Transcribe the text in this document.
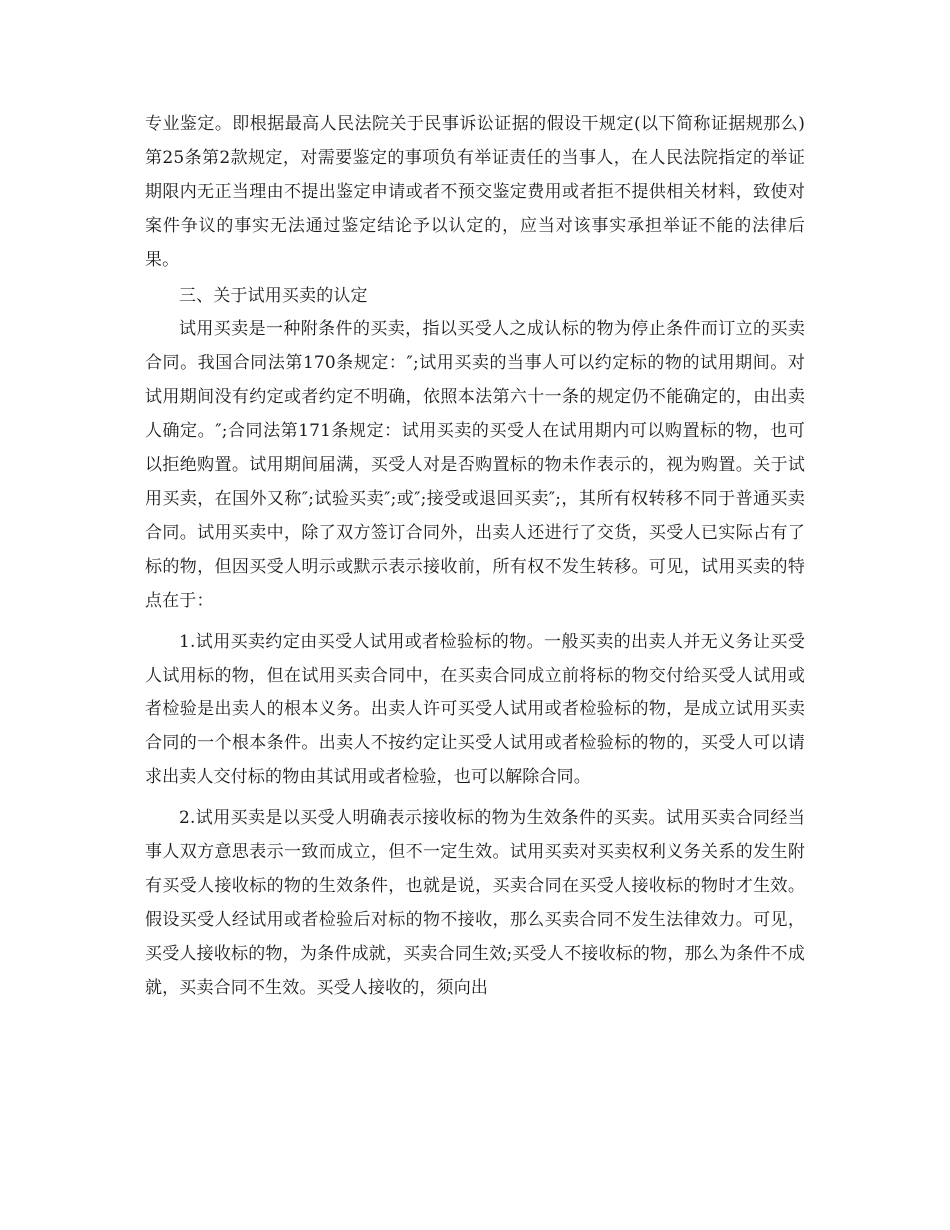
专业鉴定。即根据最高人民法院关于民事诉讼证据的假设干规定(以下简称证据规那么)第25条第2款规定，对需要鉴定的事项负有举证责任的当事人，在人民法院指定的举证期限内无正当理由不提出鉴定申请或者不预交鉴定费用或者拒不提供相关材料，致使对案件争议的事实无法通过鉴定结论予以认定的，应当对该事实承担举证不能的法律后果。

三、关于试用买卖的认定

试用买卖是一种附条件的买卖，指以买受人之成认标的物为停止条件而订立的买卖合同。我国合同法第170条规定：″;试用买卖的当事人可以约定标的物的试用期间。对试用期间没有约定或者约定不明确，依照本法第六十一条的规定仍不能确定的，由出卖人确定。″;合同法第171条规定：试用买卖的买受人在试用期内可以购置标的物，也可以拒绝购置。试用期间届满，买受人对是否购置标的物未作表示的，视为购置。关于试用买卖，在国外又称″;试验买卖″;或″;接受或退回买卖″;，其所有权转移不同于普通买卖合同。试用买卖中，除了双方签订合同外，出卖人还进行了交货，买受人已实际占有了标的物，但因买受人明示或默示表示接收前，所有权不发生转移。可见，试用买卖的特点在于：

1.试用买卖约定由买受人试用或者检验标的物。一般买卖的出卖人并无义务让买受人试用标的物，但在试用买卖合同中，在买卖合同成立前将标的物交付给买受人试用或者检验是出卖人的根本义务。出卖人许可买受人试用或者检验标的物，是成立试用买卖合同的一个根本条件。出卖人不按约定让买受人试用或者检验标的物的，买受人可以请求出卖人交付标的物由其试用或者检验，也可以解除合同。

2.试用买卖是以买受人明确表示接收标的物为生效条件的买卖。试用买卖合同经当事人双方意思表示一致而成立，但不一定生效。试用买卖对买卖权利义务关系的发生附有买受人接收标的物的生效条件，也就是说，买卖合同在买受人接收标的物时才生效。假设买受人经试用或者检验后对标的物不接收，那么买卖合同不发生法律效力。可见，买受人接收标的物，为条件成就，买卖合同生效;买受人不接收标的物，那么为条件不成就，买卖合同不生效。买受人接收的，须向出
